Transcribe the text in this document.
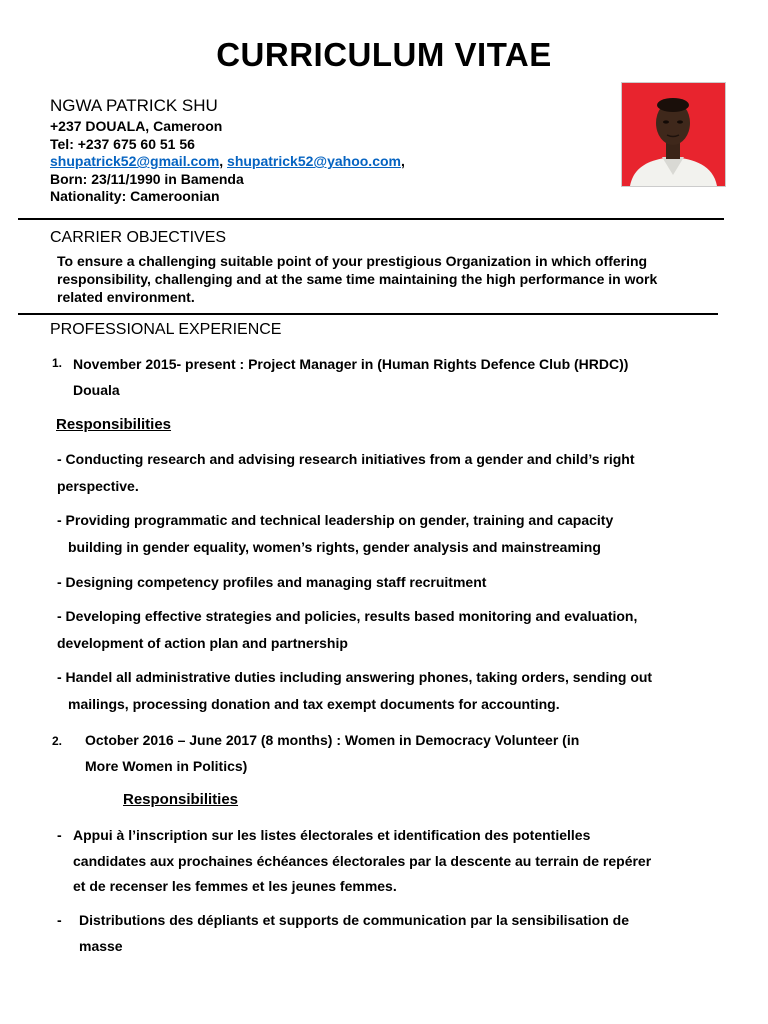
CURRICULUM VITAE
NGWA PATRICK SHU
+237 DOUALA, Cameroon
Tel: +237 675 60 51 56
shupatrick52@gmail.com, shupatrick52@yahoo.com,
Born: 23/11/1990 in Bamenda
Nationality: Cameroonian
CARRIER OBJECTIVES
To ensure a challenging suitable point of your prestigious Organization in which offering responsibility, challenging and at the same time maintaining the high performance in work related environment.
PROFESSIONAL EXPERIENCE
1. November 2015- present : Project Manager in (Human Rights Defence Club (HRDC))
Douala
Responsibilities
- Conducting research and advising research initiatives from a gender and child’s right
perspective.
- Providing programmatic and technical leadership on gender, training and capacity
building in gender equality, women’s rights, gender analysis and mainstreaming
- Designing competency profiles and managing staff recruitment
- Developing effective strategies and policies, results based monitoring and evaluation,
development of action plan and partnership
- Handel all administrative duties including answering phones, taking orders, sending out
mailings, processing donation and tax exempt documents for accounting.
2. October 2016 – June 2017 (8 months) : Women in Democracy Volunteer (in
More Women in Politics)
Responsibilities
- Appui à l’inscription sur les listes électorales et identification des potentielles
candidates aux prochaines échéances électorales par la descente au terrain de repérer
et de recenser les femmes et les jeunes femmes.
- Distributions des dépliants et supports de communication par la sensibilisation de
masse
